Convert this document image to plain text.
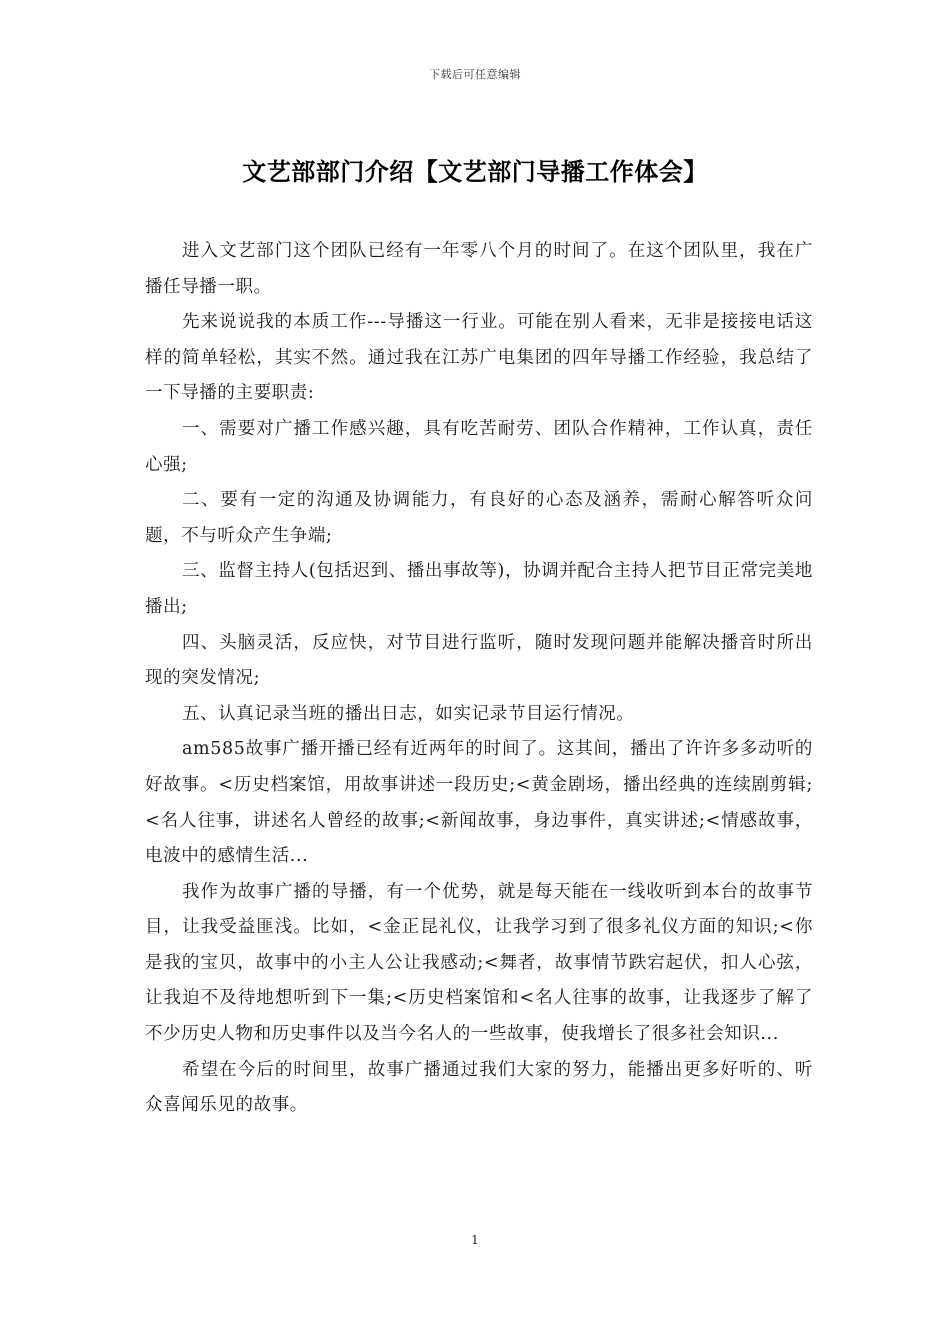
下载后可任意编辑
文艺部部门介绍【文艺部门导播工作体会】

进入文艺部门这个团队已经有一年零八个月的时间了。在这个团队里，我在广播任导播一职。

先来说说我的本质工作---导播这一行业。可能在别人看来，无非是接接电话这样的简单轻松，其实不然。通过我在江苏广电集团的四年导播工作经验，我总结了一下导播的主要职责:

一、需要对广播工作感兴趣，具有吃苦耐劳、团队合作精神，工作认真，责任心强;

二、要有一定的沟通及协调能力，有良好的心态及涵养，需耐心解答听众问题，不与听众产生争端;

三、监督主持人(包括迟到、播出事故等)，协调并配合主持人把节目正常完美地播出;

四、头脑灵活，反应快，对节目进行监听，随时发现问题并能解决播音时所出现的突发情况;

五、认真记录当班的播出日志，如实记录节目运行情况。

am585故事广播开播已经有近两年的时间了。这其间，播出了许许多多动听的好故事。<历史档案馆，用故事讲述一段历史;<黄金剧场，播出经典的连续剧剪辑;<名人往事，讲述名人曾经的故事;<新闻故事，身边事件，真实讲述;<情感故事，电波中的感情生活...

我作为故事广播的导播，有一个优势，就是每天能在一线收听到本台的故事节目，让我受益匪浅。比如，<金正昆礼仪，让我学习到了很多礼仪方面的知识;<你是我的宝贝，故事中的小主人公让我感动;<舞者，故事情节跌宕起伏，扣人心弦，让我迫不及待地想听到下一集;<历史档案馆和<名人往事的故事，让我逐步了解了不少历史人物和历史事件以及当今名人的一些故事，使我增长了很多社会知识...

希望在今后的时间里，故事广播通过我们大家的努力，能播出更多好听的、听众喜闻乐见的故事。

1
